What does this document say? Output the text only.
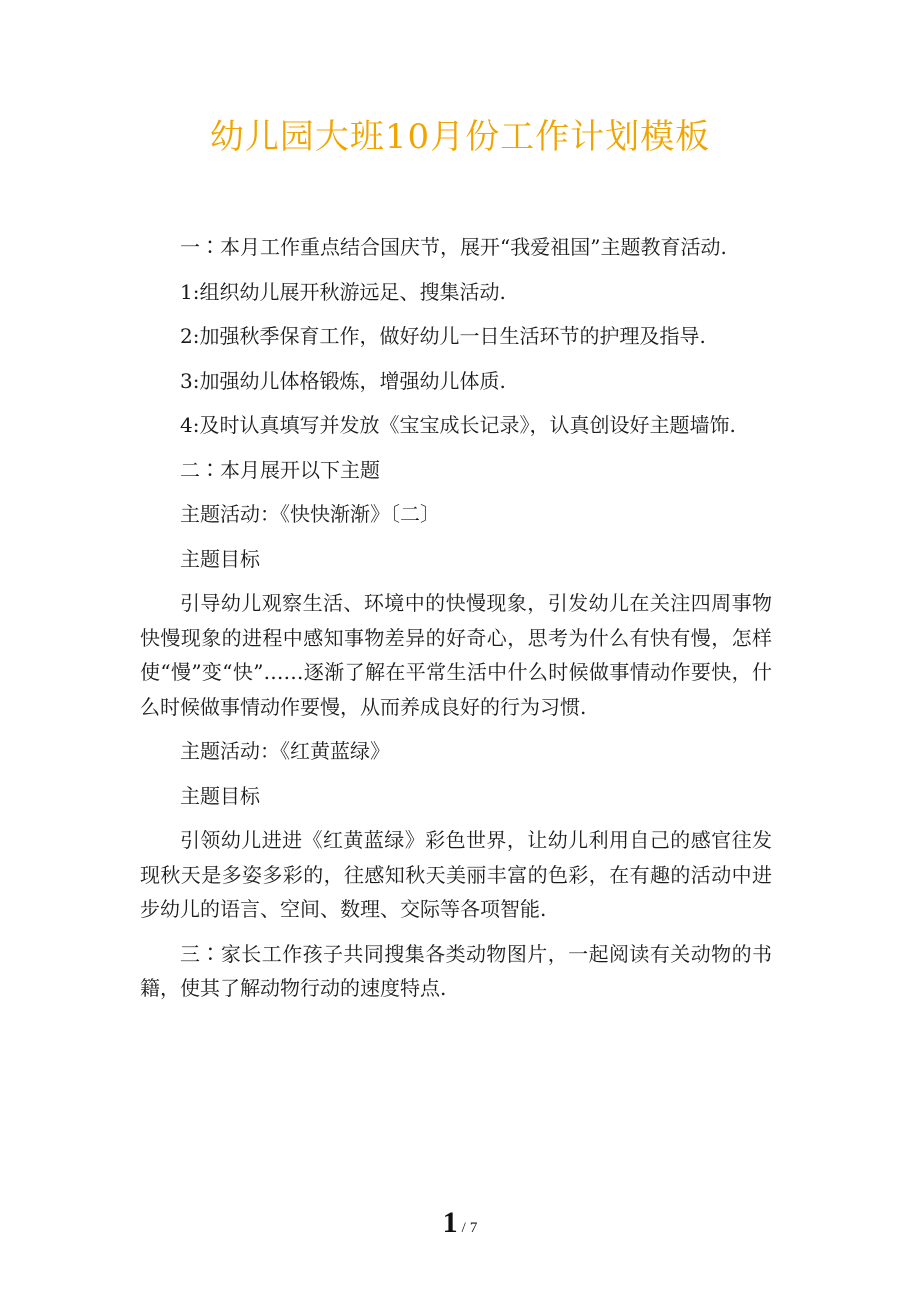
幼儿园大班10月份工作计划模板

一∶本月工作重点结合国庆节，展开“我爱祖国”主题教育活动.

1:组织幼儿展开秋游远足、搜集活动.

2:加强秋季保育工作，做好幼儿一日生活环节的护理及指导.

3:加强幼儿体格锻炼，增强幼儿体质.

4:及时认真填写并发放《宝宝成长记录》，认真创设好主题墙饰.

二∶本月展开以下主题

主题活动：《快快渐渐》〔二〕

主题目标

引导幼儿观察生活、环境中的快慢现象，引发幼儿在关注四周事物快慢现象的进程中感知事物差异的好奇心，思考为什么有快有慢，怎样使“慢”变“快”……逐渐了解在平常生活中什么时候做事情动作要快，什么时候做事情动作要慢，从而养成良好的行为习惯.

主题活动：《红黄蓝绿》

主题目标

引领幼儿进进《红黄蓝绿》彩色世界，让幼儿利用自己的感官往发现秋天是多姿多彩的，往感知秋天美丽丰富的色彩，在有趣的活动中进步幼儿的语言、空间、数理、交际等各项智能.

三∶家长工作孩子共同搜集各类动物图片，一起阅读有关动物的书籍，使其了解动物行动的速度特点.

1 / 7
